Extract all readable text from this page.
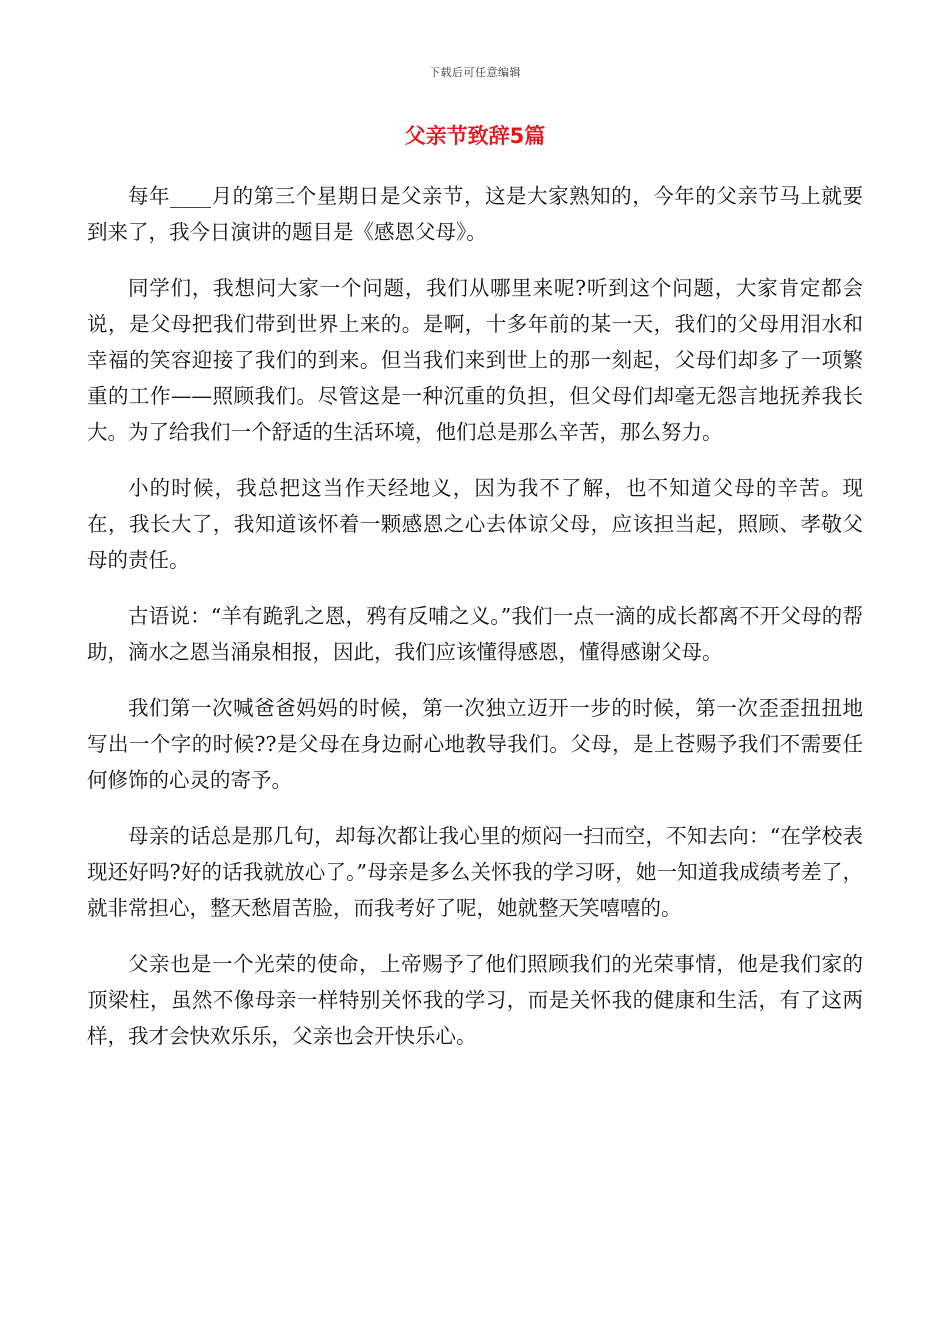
下载后可任意编辑
父亲节致辞5篇

每年____月的第三个星期日是父亲节，这是大家熟知的，今年的父亲节马上就要到来了，我今日演讲的题目是《感恩父母》。

同学们，我想问大家一个问题，我们从哪里来呢?听到这个问题，大家肯定都会说，是父母把我们带到世界上来的。是啊，十多年前的某一天，我们的父母用泪水和幸福的笑容迎接了我们的到来。但当我们来到世上的那一刻起，父母们却多了一项繁重的工作——照顾我们。尽管这是一种沉重的负担，但父母们却毫无怨言地抚养我长大。为了给我们一个舒适的生活环境，他们总是那么辛苦，那么努力。

小的时候，我总把这当作天经地义，因为我不了解，也不知道父母的辛苦。现在，我长大了，我知道该怀着一颗感恩之心去体谅父母，应该担当起，照顾、孝敬父母的责任。

古语说：“羊有跪乳之恩，鸦有反哺之义。”我们一点一滴的成长都离不开父母的帮助，滴水之恩当涌泉相报，因此，我们应该懂得感恩，懂得感谢父母。

我们第一次喊爸爸妈妈的时候，第一次独立迈开一步的时候，第一次歪歪扭扭地写出一个字的时候??是父母在身边耐心地教导我们。父母，是上苍赐予我们不需要任何修饰的心灵的寄予。

母亲的话总是那几句，却每次都让我心里的烦闷一扫而空，不知去向：“在学校表现还好吗?好的话我就放心了。”母亲是多么关怀我的学习呀，她一知道我成绩考差了，就非常担心，整天愁眉苦脸，而我考好了呢，她就整天笑嘻嘻的。

父亲也是一个光荣的使命，上帝赐予了他们照顾我们的光荣事情，他是我们家的顶梁柱，虽然不像母亲一样特别关怀我的学习，而是关怀我的健康和生活，有了这两样，我才会快欢乐乐，父亲也会开快乐心。
